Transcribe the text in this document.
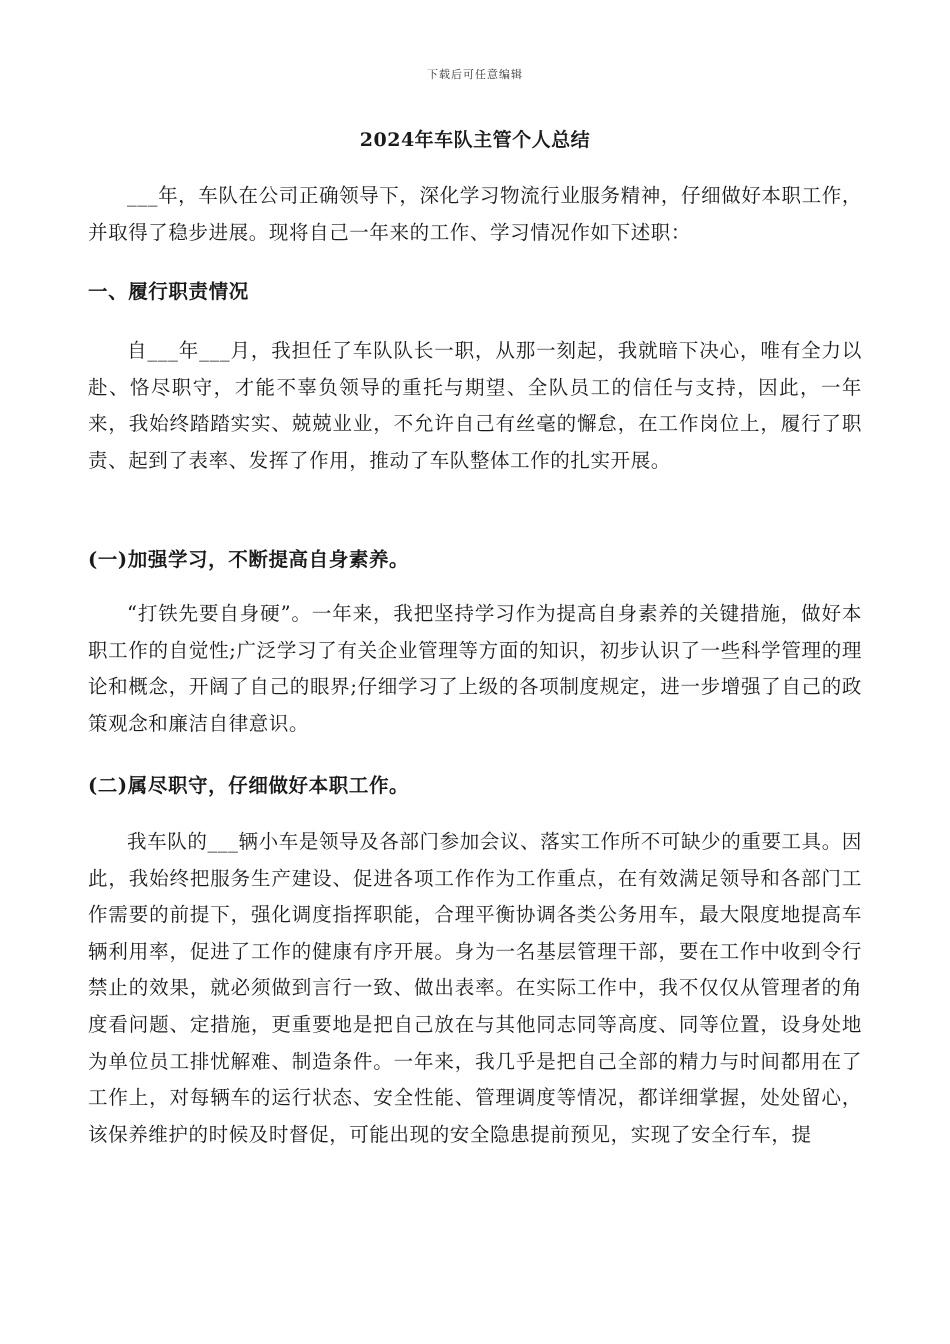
下载后可任意编辑
2024年车队主管个人总结

___年，车队在公司正确领导下，深化学习物流行业服务精神，仔细做好本职工作，并取得了稳步进展。现将自己一年来的工作、学习情况作如下述职：

一、履行职责情况

自___年___月，我担任了车队队长一职，从那一刻起，我就暗下决心，唯有全力以赴、恪尽职守，才能不辜负领导的重托与期望、全队员工的信任与支持，因此，一年来，我始终踏踏实实、兢兢业业，不允许自己有丝毫的懈怠，在工作岗位上，履行了职责、起到了表率、发挥了作用，推动了车队整体工作的扎实开展。

(一)加强学习，不断提高自身素养。

“打铁先要自身硬”。一年来，我把坚持学习作为提高自身素养的关键措施，做好本职工作的自觉性;广泛学习了有关企业管理等方面的知识，初步认识了一些科学管理的理论和概念，开阔了自己的眼界;仔细学习了上级的各项制度规定，进一步增强了自己的政策观念和廉洁自律意识。

(二)属尽职守，仔细做好本职工作。

我车队的___辆小车是领导及各部门参加会议、落实工作所不可缺少的重要工具。因此，我始终把服务生产建设、促进各项工作作为工作重点，在有效满足领导和各部门工作需要的前提下，强化调度指挥职能，合理平衡协调各类公务用车，最大限度地提高车辆利用率，促进了工作的健康有序开展。身为一名基层管理干部，要在工作中收到令行禁止的效果，就必须做到言行一致、做出表率。在实际工作中，我不仅仅从管理者的角度看问题、定措施，更重要地是把自己放在与其他同志同等高度、同等位置，设身处地为单位员工排忧解难、制造条件。一年来，我几乎是把自己全部的精力与时间都用在了工作上，对每辆车的运行状态、安全性能、管理调度等情况，都详细掌握，处处留心，该保养维护的时候及时督促，可能出现的安全隐患提前预见，实现了安全行车，提
